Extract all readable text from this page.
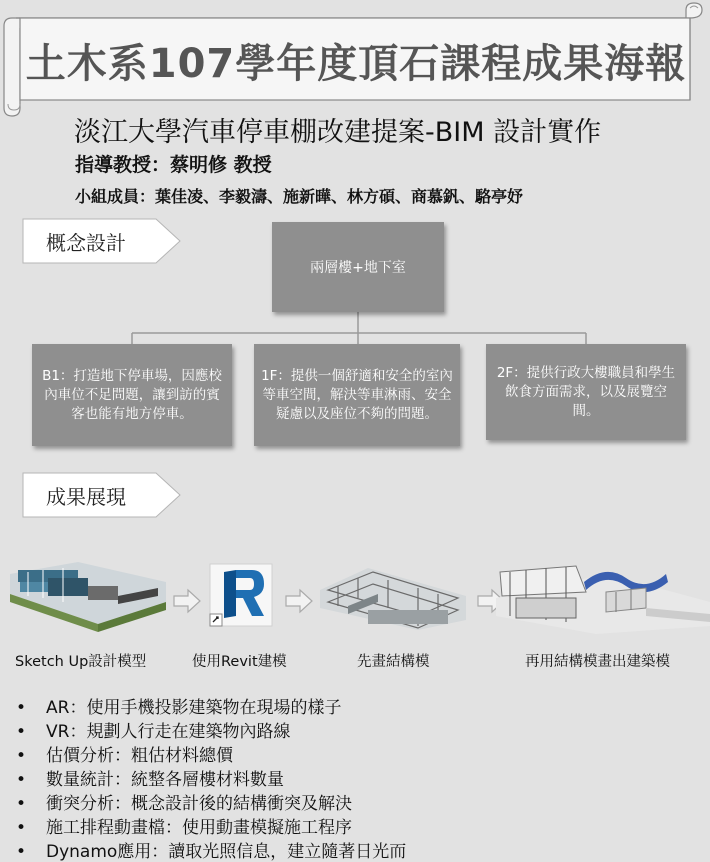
土木系107學年度頂石課程成果海報
淡江大學汽車停車棚改建提案-BIM 設計實作
指導教授：蔡明修 教授
小組成員：葉佳凌、李毅濤、施新曄、林方碩、商慕釩、駱亭妤
概念設計
兩層樓+地下室
B1：打造地下停車場，因應校內車位不足問題，讓到訪的賓客也能有地方停車。
1F：提供一個舒適和安全的室內等車空間，解決等車淋雨、安全疑慮以及座位不夠的問題。
2F：提供行政大樓職員和學生飲食方面需求，以及展覽空間。
成果展現
Sketch Up設計模型	使用Revit建模	先畫結構模	再用結構模畫出建築模
• AR：使用手機投影建築物在現場的樣子
• VR：規劃人行走在建築物內路線
• 估價分析：粗估材料總價
• 數量統計：統整各層樓材料數量
• 衝突分析：概念設計後的結構衝突及解決
• 施工排程動畫檔：使用動畫模擬施工程序
• Dynamo應用：讀取光照信息，建立隨著日光而
